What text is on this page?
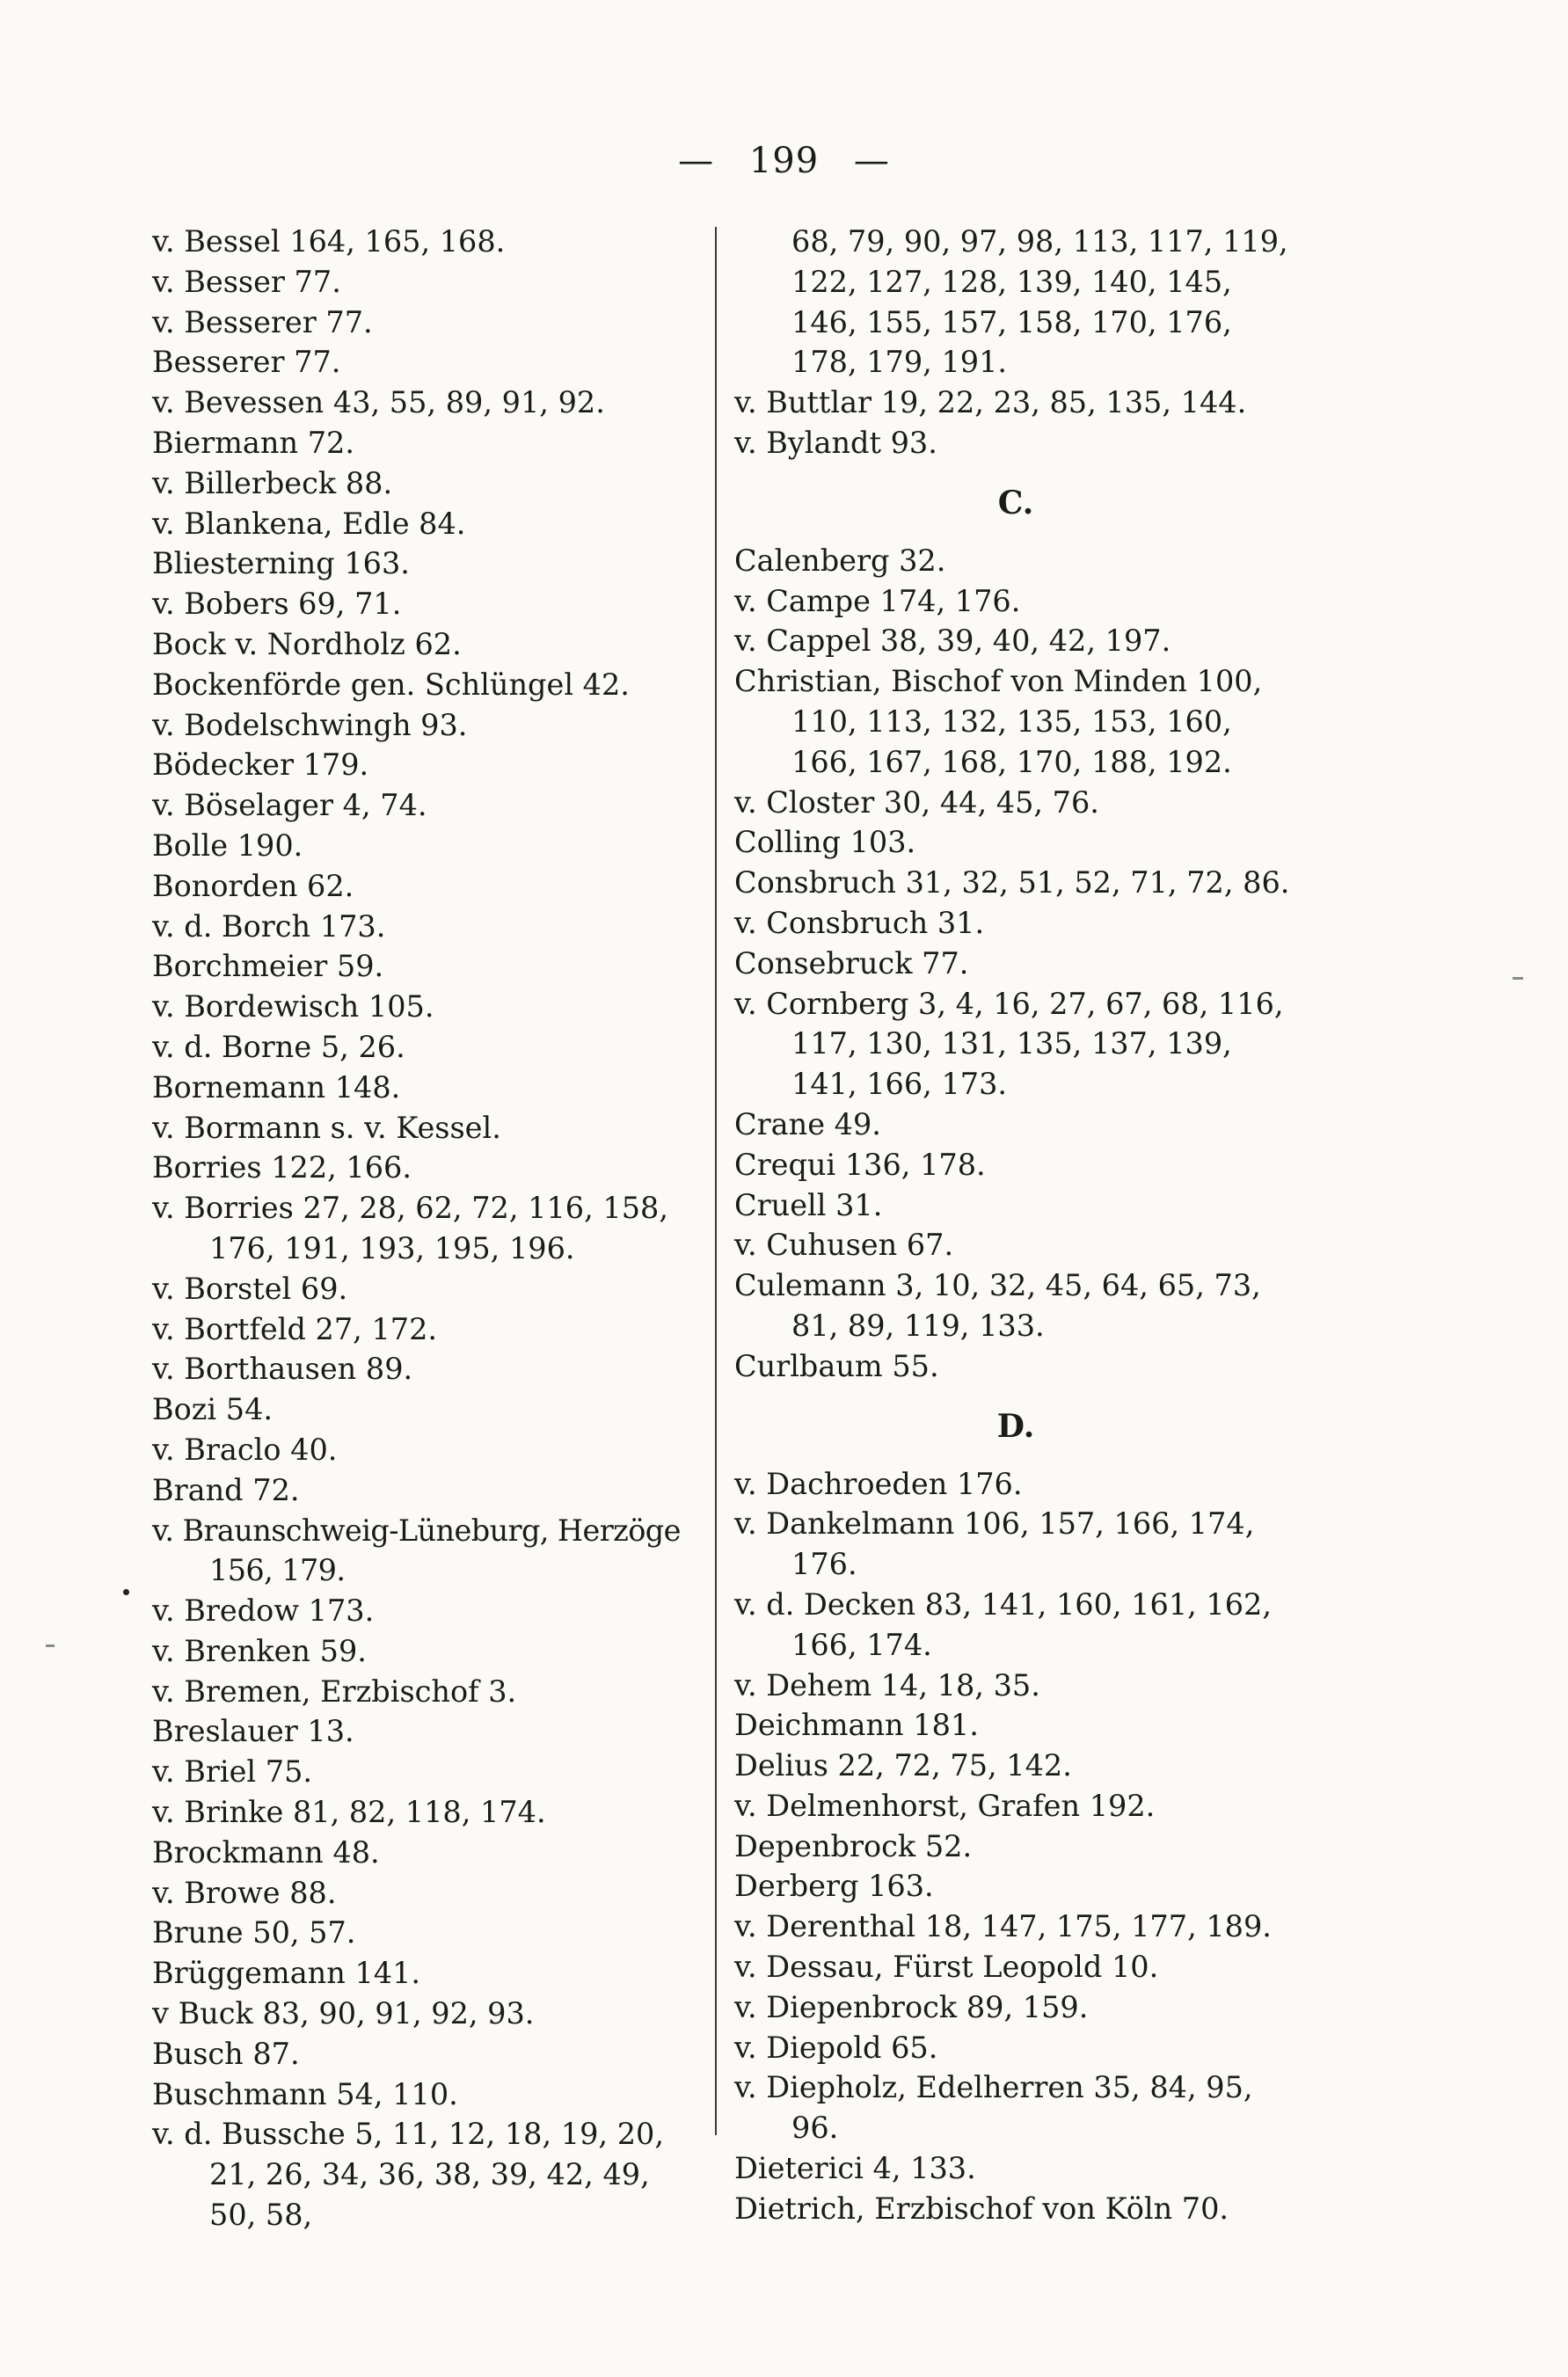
— 199 —
v. Bessel 164, 165, 168.
v. Besser 77.
v. Besserer 77.
Besserer 77.
v. Bevessen 43, 55, 89, 91, 92.
Biermann 72.
v. Billerbeck 88.
v. Blankena, Edle 84.
Bliesterning 163.
v. Bobers 69, 71.
Bock v. Nordholz 62.
Bockenförde gen. Schlüngel 42.
v. Bodelschwingh 93.
Bödecker 179.
v. Böselager 4, 74.
Bolle 190.
Bonorden 62.
v. d. Borch 173.
Borchmeier 59.
v. Bordewisch 105.
v. d. Borne 5, 26.
Bornemann 148.
v. Bormann s. v. Kessel.
Borries 122, 166.
v. Borries 27, 28, 62, 72, 116, 158, 176, 191, 193, 195, 196.
v. Borstel 69.
v. Bortfeld 27, 172.
v. Borthausen 89.
Bozi 54.
v. Braclo 40.
Brand 72.
v. Braunschweig-Lüneburg, Herzöge 156, 179.
v. Bredow 173.
v. Brenken 59.
v. Bremen, Erzbischof 3.
Breslauer 13.
v. Briel 75.
v. Brinke 81, 82, 118, 174.
Brockmann 48.
v. Browe 88.
Brune 50, 57.
Brüggemann 141.
v Buck 83, 90, 91, 92, 93.
Busch 87.
Buschmann 54, 110.
v. d. Bussche 5, 11, 12, 18, 19, 20, 21, 26, 34, 36, 38, 39, 42, 49, 50, 58,
68, 79, 90, 97, 98, 113, 117, 119, 122, 127, 128, 139, 140, 145, 146, 155, 157, 158, 170, 176, 178, 179, 191.
v. Buttlar 19, 22, 23, 85, 135, 144.
v. Bylandt 93.
C.
Calenberg 32.
v. Campe 174, 176.
v. Cappel 38, 39, 40, 42, 197.
Christian, Bischof von Minden 100, 110, 113, 132, 135, 153, 160, 166, 167, 168, 170, 188, 192.
v. Closter 30, 44, 45, 76.
Colling 103.
Consbruch 31, 32, 51, 52, 71, 72, 86.
v. Consbruch 31.
Consebruck 77.
v. Cornberg 3, 4, 16, 27, 67, 68, 116, 117, 130, 131, 135, 137, 139, 141, 166, 173.
Crane 49.
Crequi 136, 178.
Cruell 31.
v. Cuhusen 67.
Culemann 3, 10, 32, 45, 64, 65, 73, 81, 89, 119, 133.
Curlbaum 55.
D.
v. Dachroeden 176.
v. Dankelmann 106, 157, 166, 174, 176.
v. d. Decken 83, 141, 160, 161, 162, 166, 174.
v. Dehem 14, 18, 35.
Deichmann 181.
Delius 22, 72, 75, 142.
v. Delmenhorst, Grafen 192.
Depenbrock 52.
Derberg 163.
v. Derenthal 18, 147, 175, 177, 189.
v. Dessau, Fürst Leopold 10.
v. Diepenbrock 89, 159.
v. Diepold 65.
v. Diepholz, Edelherren 35, 84, 95, 96.
Dieterici 4, 133.
Dietrich, Erzbischof von Köln 70.
